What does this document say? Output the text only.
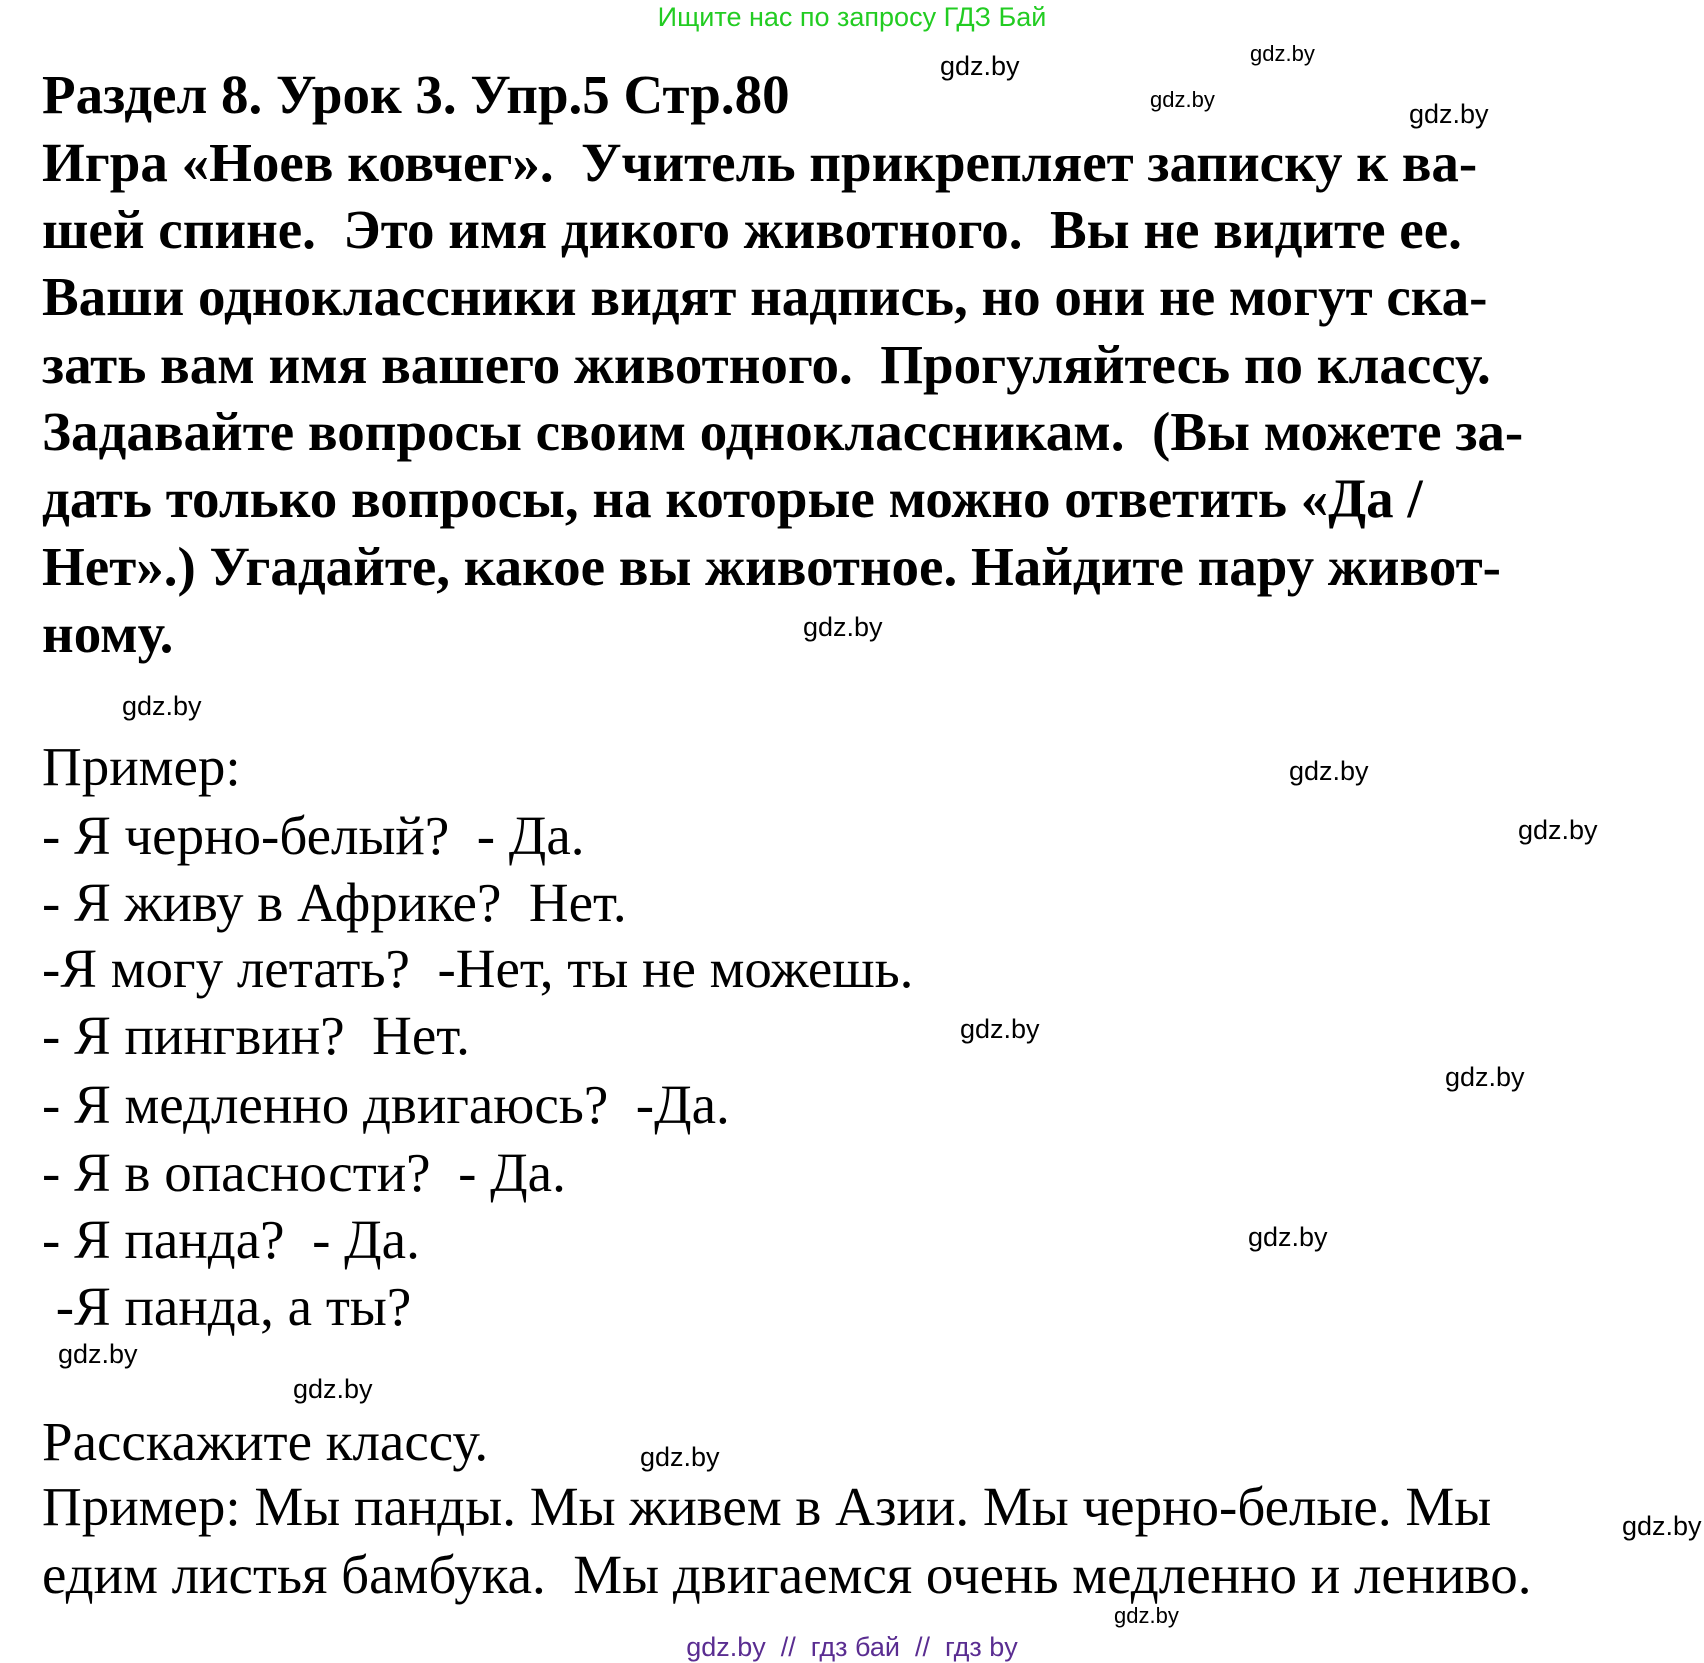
Ищите нас по запросу ГДЗ Бай
Раздел 8. Урок 3. Упр.5 Стр.80
Игра «Ноев ковчег».  Учитель прикрепляет записку к ва-
шей спине.  Это имя дикого животного.  Вы не видите ее.
Ваши одноклассники видят надпись, но они не могут ска-
зать вам имя вашего животного.  Прогуляйтесь по классу.
Задавайте вопросы своим одноклассникам.  (Вы можете за-
дать только вопросы, на которые можно ответить «Да /
Нет».) Угадайте, какое вы животное. Найдите пару живот-
ному.
Пример:
- Я черно-белый?  - Да.
- Я живу в Африке?  Нет.
-Я могу летать?  -Нет, ты не можешь.
- Я пингвин?  Нет.
- Я медленно двигаюсь?  -Да.
- Я в опасности?  - Да.
- Я панда?  - Да.
-Я панда, а ты?
Расскажите классу.
Пример: Мы панды. Мы живем в Азии. Мы черно-белые. Мы
едим листья бамбука.  Мы двигаемся очень медленно и лениво.
gdz.by
gdz.by
gdz.by
gdz.by
gdz.by
gdz.by
gdz.by
gdz.by
gdz.by
gdz.by
gdz.by
gdz.by
gdz.by
gdz.by
gdz.by
gdz.by
gdz.by  //  гдз бай  //  гдз by
